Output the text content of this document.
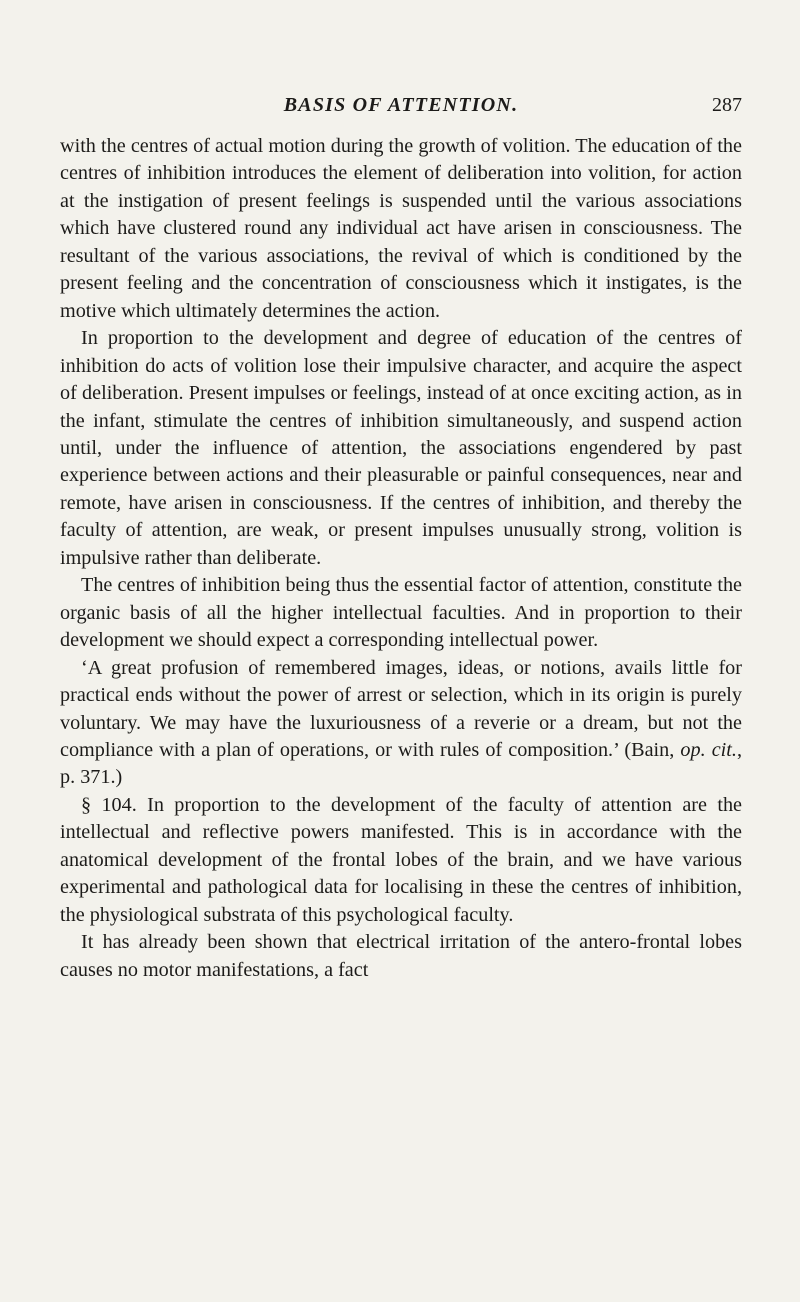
BASIS OF ATTENTION.	287

with the centres of actual motion during the growth of volition. The education of the centres of inhibition introduces the element of deliberation into volition, for action at the instigation of present feelings is suspended until the various associations which have clustered round any individual act have arisen in consciousness. The resultant of the various associations, the revival of which is conditioned by the present feeling and the concentration of consciousness which it instigates, is the motive which ultimately determines the action.

In proportion to the development and degree of education of the centres of inhibition do acts of volition lose their impulsive character, and acquire the aspect of deliberation. Present impulses or feelings, instead of at once exciting action, as in the infant, stimulate the centres of inhibition simultaneously, and suspend action until, under the influence of attention, the associations engendered by past experience between actions and their pleasurable or painful consequences, near and remote, have arisen in consciousness. If the centres of inhibition, and thereby the faculty of attention, are weak, or present impulses unusually strong, volition is impulsive rather than deliberate.

The centres of inhibition being thus the essential factor of attention, constitute the organic basis of all the higher intellectual faculties. And in proportion to their development we should expect a corresponding intellectual power.

‘A great profusion of remembered images, ideas, or notions, avails little for practical ends without the power of arrest or selection, which in its origin is purely voluntary. We may have the luxuriousness of a reverie or a dream, but not the compliance with a plan of operations, or with rules of composition.’ (Bain, op. cit., p. 371.)

§ 104. In proportion to the development of the faculty of attention are the intellectual and reflective powers manifested. This is in accordance with the anatomical development of the frontal lobes of the brain, and we have various experimental and pathological data for localising in these the centres of inhibition, the physiological substrata of this psychological faculty.

It has already been shown that electrical irritation of the antero-frontal lobes causes no motor manifestations, a fact
